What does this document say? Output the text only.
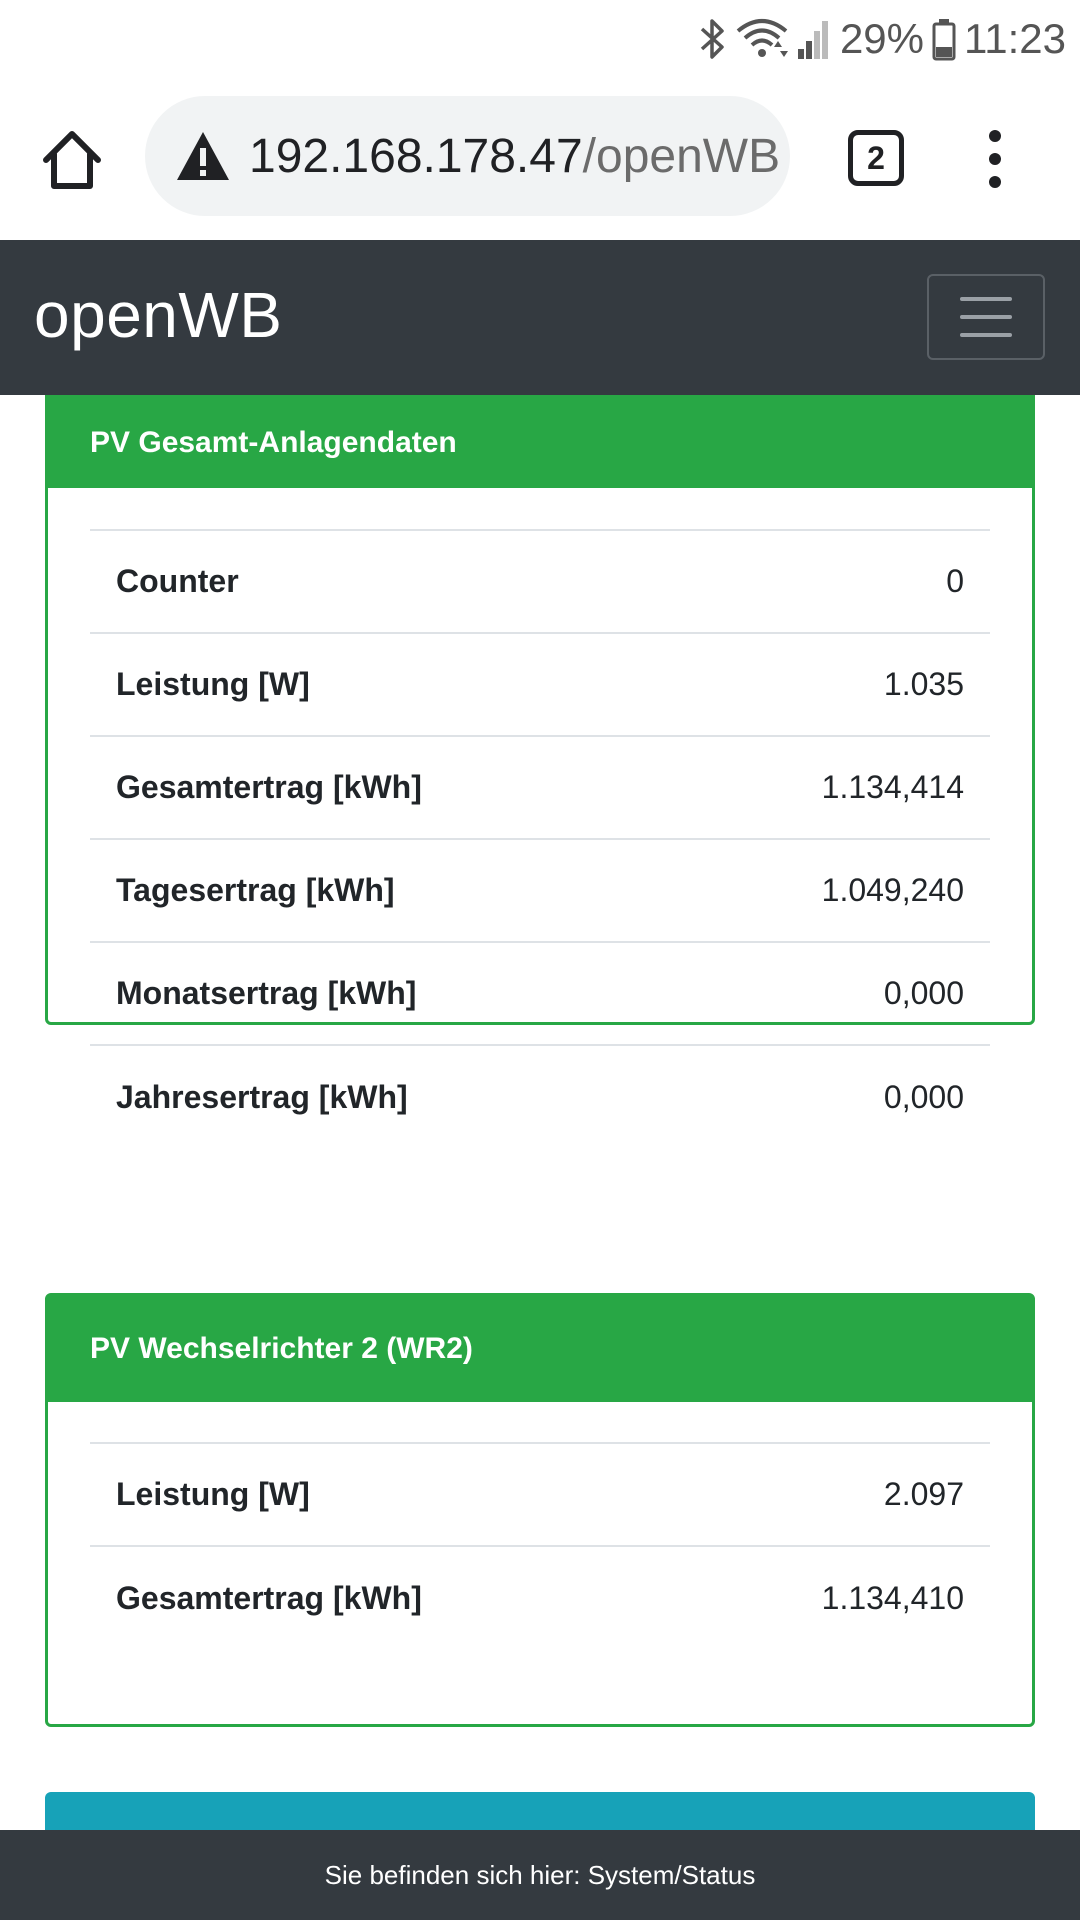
29% 11:23
192.168.178.47/openWB	2
openWB
PV Gesamt-Anlagendaten
Counter	0
Leistung [W]	1.035
Gesamtertrag [kWh]	1.134,414
Tagesertrag [kWh]	1.049,240
Monatsertrag [kWh]	0,000
Jahresertrag [kWh]	0,000
PV Wechselrichter 2 (WR2)
Leistung [W]	2.097
Gesamtertrag [kWh]	1.134,410
Sie befinden sich hier: System/Status
